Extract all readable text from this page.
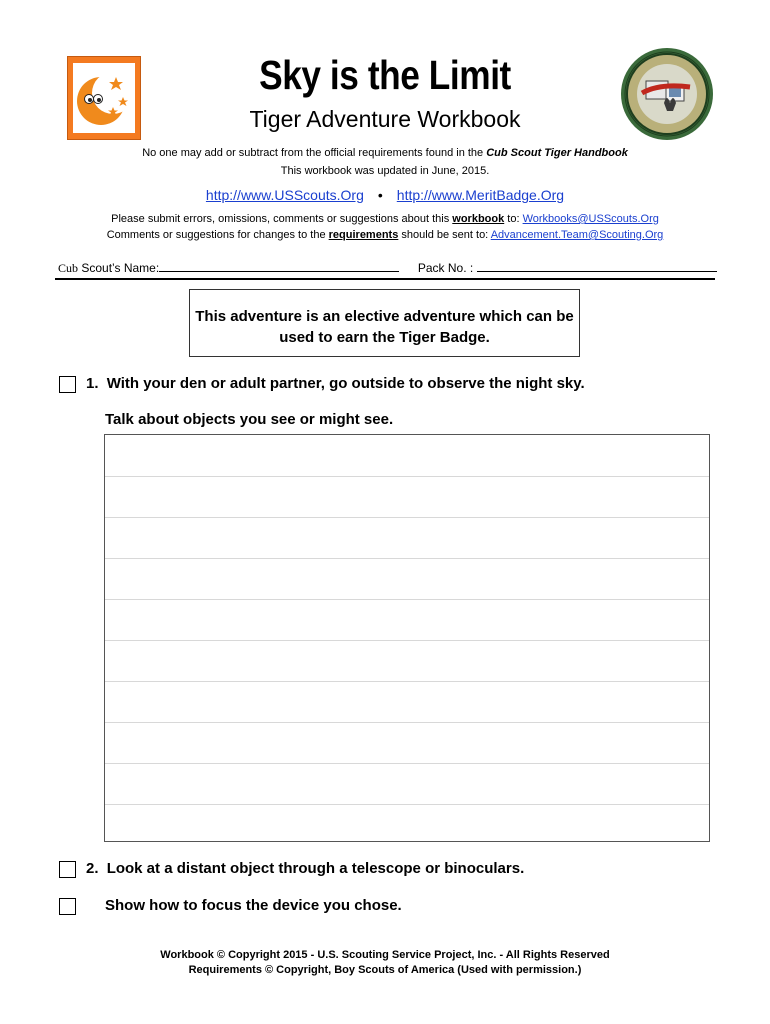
Sky is the Limit
Tiger Adventure Workbook
No one may add or subtract from the official requirements found in the Cub Scout Tiger Handbook
This workbook was updated in June, 2015.
http://www.USScouts.Org • http://www.MeritBadge.Org
Please submit errors, omissions, comments or suggestions about this workbook to: Workbooks@USScouts.Org
Comments or suggestions for changes to the requirements should be sent to: Advancement.Team@Scouting.Org
Cub Scout’s Name:	Pack No. :
This adventure is an elective adventure which can be
used to earn the Tiger Badge.
1. With your den or adult partner, go outside to observe the night sky.
Talk about objects you see or might see.
2. Look at a distant object through a telescope or binoculars.
Show how to focus the device you chose.
Workbook © Copyright 2015 - U.S. Scouting Service Project, Inc. - All Rights Reserved
Requirements © Copyright, Boy Scouts of America (Used with permission.)
